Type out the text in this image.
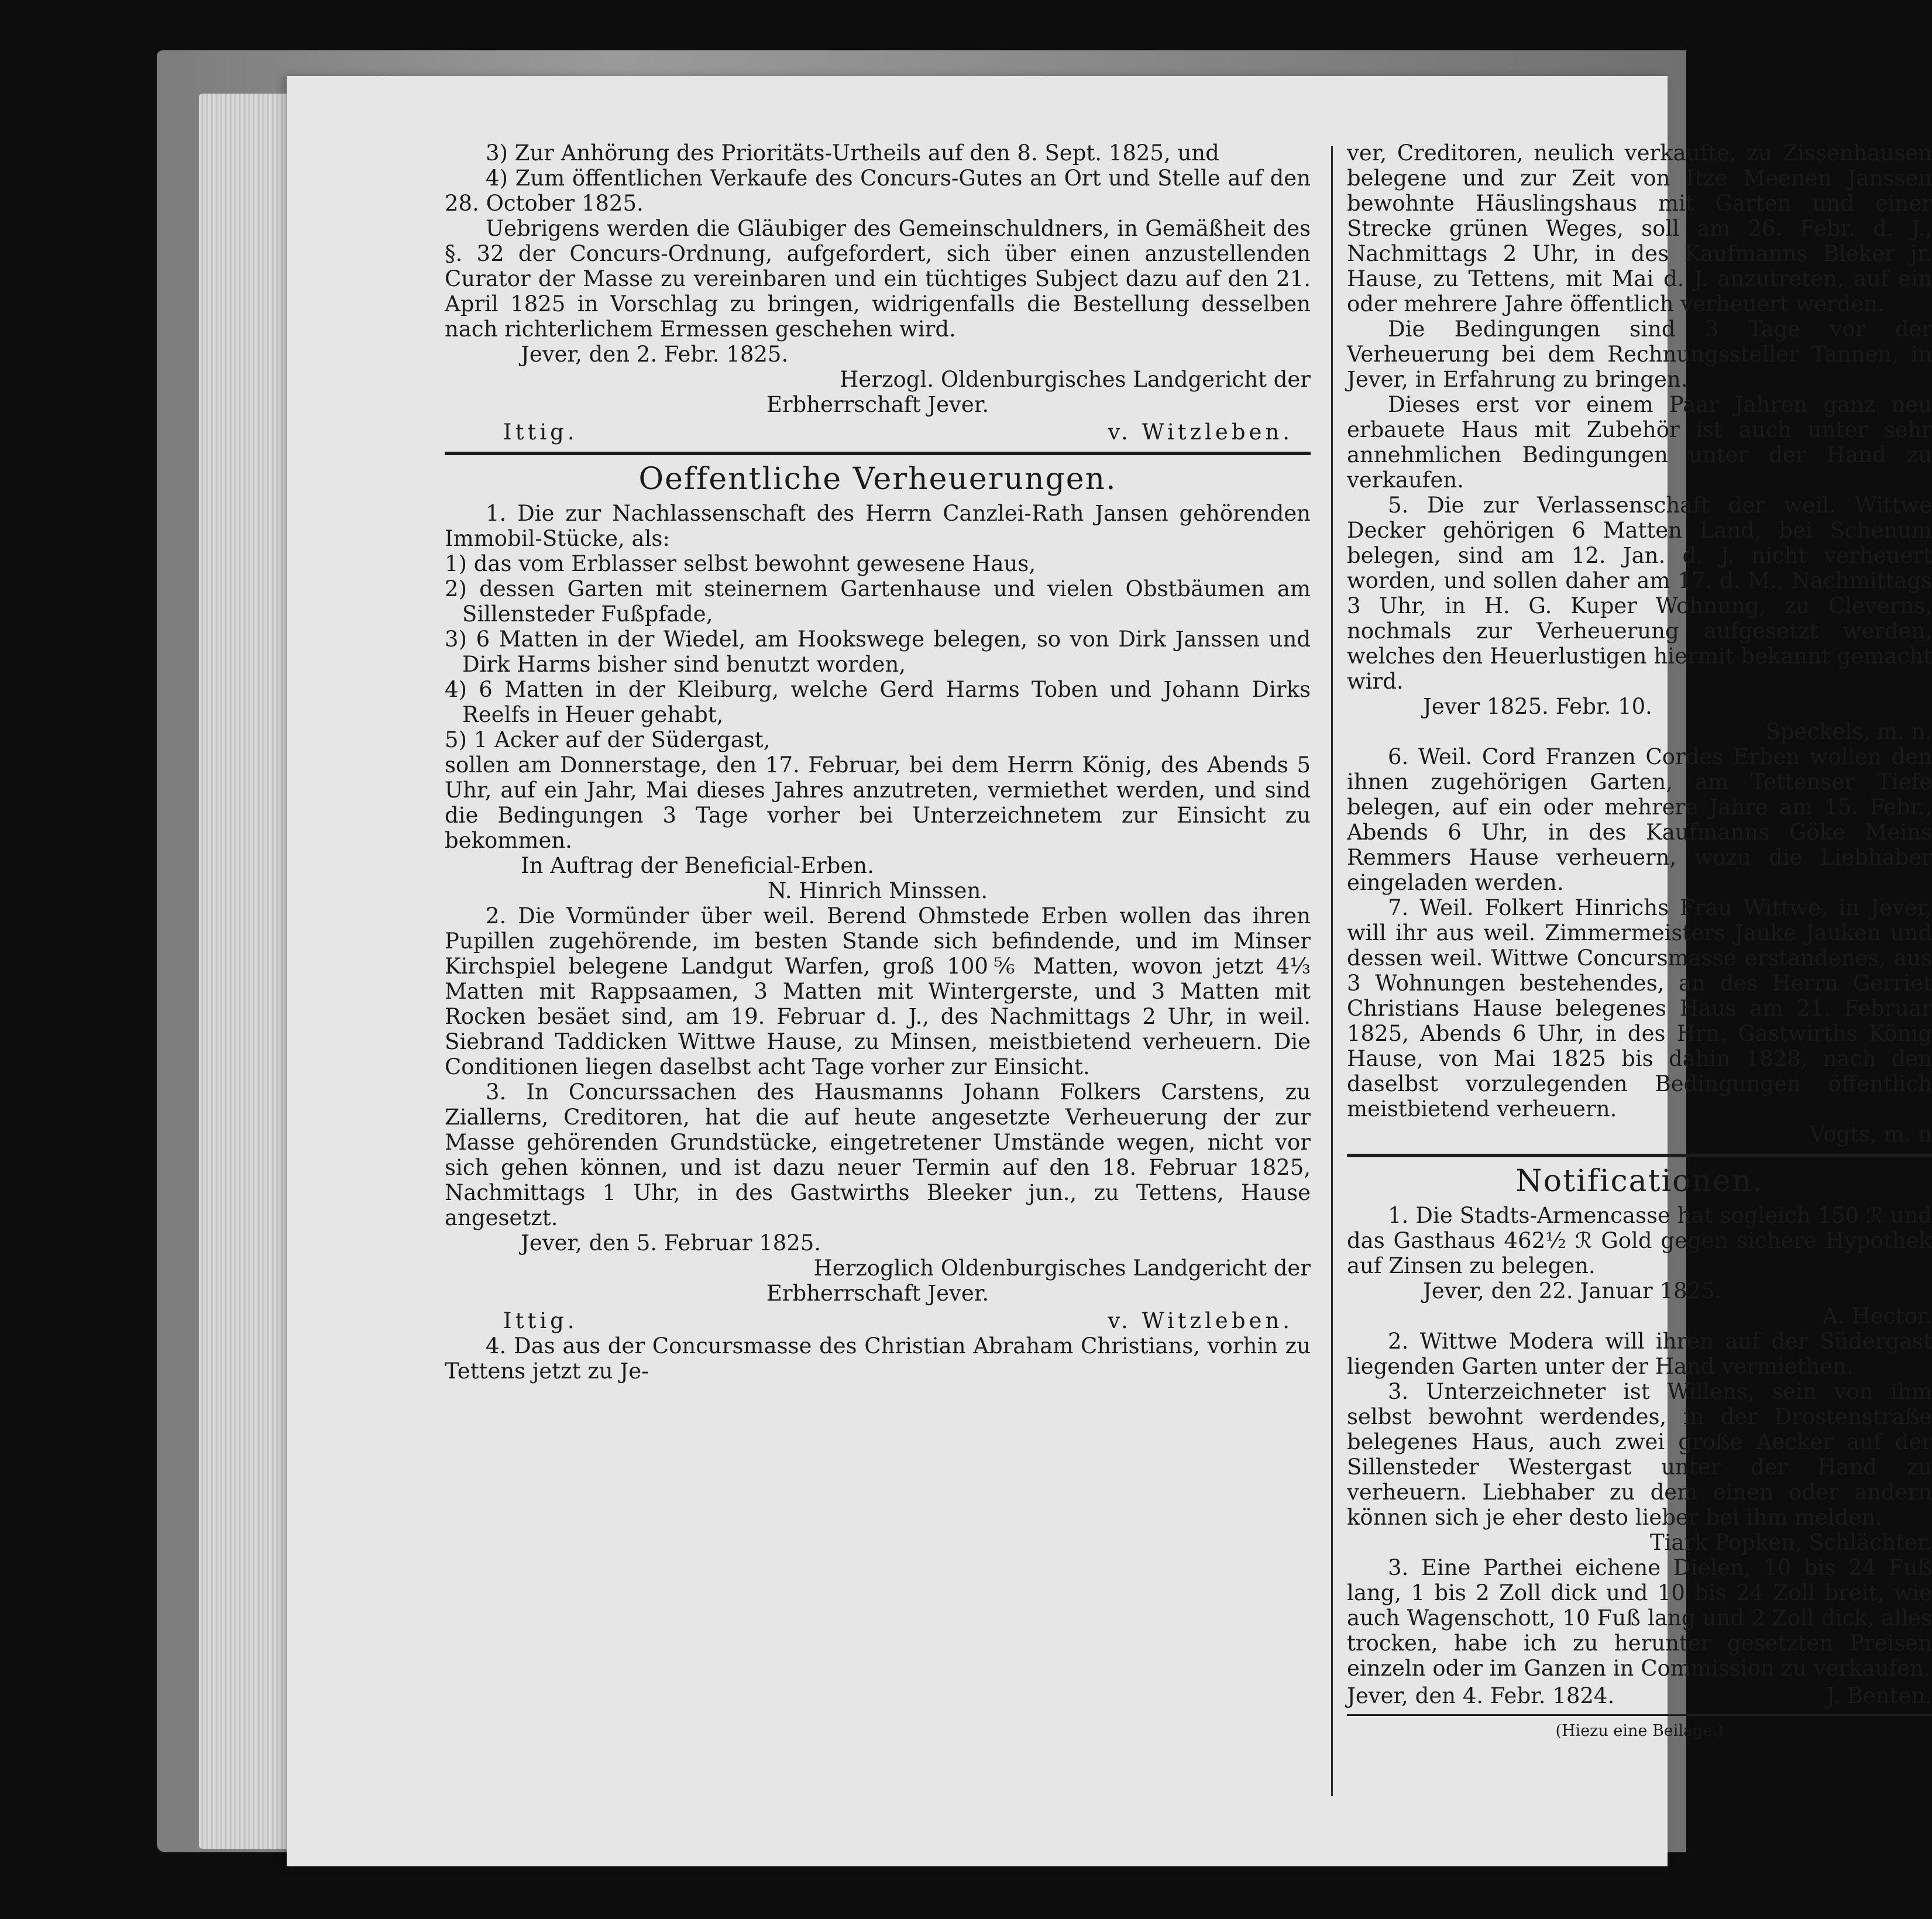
3) Zur Anhörung des Prioritäts-Urtheils auf den 8. Sept. 1825, und

4) Zum öffentlichen Verkaufe des Concurs-Gutes an Ort und Stelle auf den 28. October 1825.

Uebrigens werden die Gläubiger des Gemeinschuldners, in Gemäßheit des §. 32 der Concurs-Ordnung, aufgefordert, sich über einen anzustellenden Curator der Masse zu vereinbaren und ein tüchtiges Subject dazu auf den 21. April 1825 in Vorschlag zu bringen, widrigenfalls die Bestellung desselben nach richterlichem Ermessen geschehen wird.

Jever, den 2. Febr. 1825.

Herzogl. Oldenburgisches Landgericht der

Erbherrschaft Jever.

Ittig.	v. Witzleben.
Oeffentliche Verheuerungen.

1. Die zur Nachlassenschaft des Herrn Canzlei-Rath Jansen gehörenden Immobil-Stücke, als:

1) das vom Erblasser selbst bewohnt gewesene Haus,

2) dessen Garten mit steinernem Gartenhause und vielen Obstbäumen am Sillensteder Fußpfade,

3) 6 Matten in der Wiedel, am Hookswege belegen, so von Dirk Janssen und Dirk Harms bisher sind benutzt worden,

4) 6 Matten in der Kleiburg, welche Gerd Harms Toben und Johann Dirks Reelfs in Heuer gehabt,

5) 1 Acker auf der Südergast,

sollen am Donnerstage, den 17. Februar, bei dem Herrn König, des Abends 5 Uhr, auf ein Jahr, Mai dieses Jahres anzutreten, vermiethet werden, und sind die Bedingungen 3 Tage vorher bei Unterzeichnetem zur Einsicht zu bekommen.

In Auftrag der Beneficial-Erben.

N. Hinrich Minssen.

2. Die Vormünder über weil. Berend Ohmstede Erben wollen das ihren Pupillen zugehörende, im besten Stande sich befindende, und im Minser Kirchspiel belegene Landgut Warfen, groß 100⅚ Matten, wovon jetzt 4⅓ Matten mit Rappsaamen, 3 Matten mit Wintergerste, und 3 Matten mit Rocken besäet sind, am 19. Februar d. J., des Nachmittags 2 Uhr, in weil. Siebrand Taddicken Wittwe Hause, zu Minsen, meistbietend verheuern. Die Conditionen liegen daselbst acht Tage vorher zur Einsicht.

3. In Concurssachen des Hausmanns Johann Folkers Carstens, zu Ziallerns, Creditoren, hat die auf heute angesetzte Verheuerung der zur Masse gehörenden Grundstücke, eingetretener Umstände wegen, nicht vor sich gehen können, und ist dazu neuer Termin auf den 18. Februar 1825, Nachmittags 1 Uhr, in des Gastwirths Bleeker jun., zu Tettens, Hause angesetzt.

Jever, den 5. Februar 1825.

Herzoglich Oldenburgisches Landgericht der

Erbherrschaft Jever.

Ittig.	v. Witzleben.

4. Das aus der Concursmasse des Christian Abraham Christians, vorhin zu Tettens jetzt zu Je-

ver, Creditoren, neulich verkaufte, zu Zissenhausen belegene und zur Zeit von Itze Meenen Janssen bewohnte Häuslingshaus mit Garten und einer Strecke grünen Weges, soll am 26. Febr. d. J., Nachmittags 2 Uhr, in des Kaufmanns Bleker jr. Hause, zu Tettens, mit Mai d. J. anzutreten, auf ein oder mehrere Jahre öffentlich verheuert werden.

Die Bedingungen sind 3 Tage vor der Verheuerung bei dem Rechnungssteller Tannen, in Jever, in Erfahrung zu bringen.

Dieses erst vor einem Paar Jahren ganz neu erbauete Haus mit Zubehör ist auch unter sehr annehmlichen Bedingungen unter der Hand zu verkaufen.

5. Die zur Verlassenschaft der weil. Wittwe Decker gehörigen 6 Matten Land, bei Schenum belegen, sind am 12. Jan. d. J. nicht verheuert worden, und sollen daher am 17. d. M., Nachmittags 3 Uhr, in H. G. Kuper Wohnung, zu Cleverns, nochmals zur Verheuerung aufgesetzt werden, welches den Heuerlustigen hiermit bekannt gemacht wird.

Jever 1825. Febr. 10.

Speckels, m. n.

6. Weil. Cord Franzen Cordes Erben wollen den ihnen zugehörigen Garten, am Tettenser Tiefe belegen, auf ein oder mehrere Jahre am 15. Febr., Abends 6 Uhr, in des Kaufmanns Göke Meins Remmers Hause verheuern, wozu die Liebhaber eingeladen werden.

7. Weil. Folkert Hinrichs Frau Wittwe, in Jever, will ihr aus weil. Zimmermeisters Jauke Jauken und dessen weil. Wittwe Concursmasse erstandenes, aus 3 Wohnungen bestehendes, an des Herrn Gerriet Christians Hause belegenes Haus am 21. Februar 1825, Abends 6 Uhr, in des Hrn. Gastwirths König Hause, von Mai 1825 bis dahin 1828, nach den daselbst vorzulegenden Bedingungen öffentlich meistbietend verheuern.

Vogts, m. n

Notificationen.

1. Die Stadts-Armencasse hat sogleich 150 ℛ und das Gasthaus 462½ ℛ Gold gegen sichere Hypothek auf Zinsen zu belegen.

Jever, den 22. Januar 1825.

A. Hector.

2. Wittwe Modera will ihren auf der Südergast liegenden Garten unter der Hand vermiethen.

3. Unterzeichneter ist Willens, sein von ihm selbst bewohnt werdendes, in der Drostenstraße belegenes Haus, auch zwei große Aecker auf der Sillensteder Westergast unter der Hand zu verheuern. Liebhaber zu dem einen oder andern können sich je eher desto lieber bei ihm melden.

Tiark Popken, Schlächter.

3. Eine Parthei eichene Dielen, 10 bis 24 Fuß lang, 1 bis 2 Zoll dick und 10 bis 24 Zoll breit, wie auch Wagenschott, 10 Fuß lang und 2 Zoll dick, alles trocken, habe ich zu herunter gesetzten Preisen einzeln oder im Ganzen in Commission zu verkaufen.

Jever, den 4. Febr. 1824.	J. Benten.

(Hiezu eine Beilage.)
